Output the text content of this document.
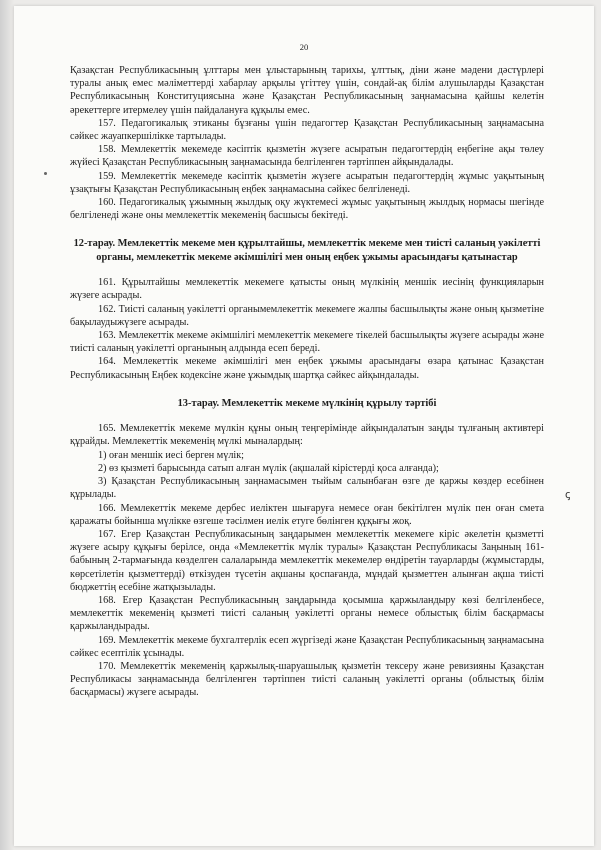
20

Қазақстан Республикасының ұлттары мен ұлыстарының тарихы, ұлттық, діни және мәдени дәстүрлері туралы анық емес мәліметтерді хабарлау арқылы үгіттеу үшін, сондай-ақ білім алушыларды Қазақстан Республикасының Конституциясына және Қазақстан Республикасының заңнамасына қайшы келетін әрекеттерге итермелеу үшін пайдалануға құқылы емес.

157. Педагогикалық этиканы бұзғаны үшін педагогтер Қазақстан Республикасының заңнамасына сәйкес жауапкершілікке тартылады.

158. Мемлекеттік мекемеде кәсіптік қызметін жүзеге асыратын педагогтердің еңбегіне ақы төлеу жүйесі Қазақстан Республикасының заңнамасында белгіленген тәртіппен айқындалады.

159. Мемлекеттік мекемеде кәсіптік қызметін жүзеге асыратын педагогтердің жұмыс уақытының ұзақтығы Қазақстан Республикасының еңбек заңнамасына сәйкес белгіленеді.

160. Педагогикалық ұжымның жылдық оқу жүктемесі жұмыс уақытының жылдық нормасы шегінде белгіленеді және оны мемлекеттік мекеменің басшысы бекітеді.

12-тарау. Мемлекеттік мекеме мен құрылтайшы, мемлекеттік мекеме мен тиісті саланың уәкілетті органы, мемлекеттік мекеме әкімшілігі мен оның еңбек ұжымы арасындағы қатынастар

161. Құрылтайшы мемлекеттік мекемеге қатысты оның мүлкінің меншік иесінің функцияларын жүзеге асырады.

162. Тиісті саланың уәкілетті органымемлекеттік мекемеге жалпы басшылықты және оның қызметіне бақылаудыжүзеге асырады.

163. Мемлекеттік мекеме әкімшілігі мемлекеттік мекемеге тікелей басшылықты жүзеге асырады және тиісті саланың уәкілетті органының алдында есеп береді.

164. Мемлекеттік мекеме әкімшілігі мен еңбек ұжымы арасындағы өзара қатынас Қазақстан Республикасының Еңбек кодексіне және ұжымдық шартқа сәйкес айқындалады.

13-тарау. Мемлекеттік мекеме мүлкінің құрылу тәртібі

165. Мемлекеттік мекеме мүлкін құны оның теңгерімінде айқындалатын заңды тұлғаның активтері құрайды. Мемлекеттік мекеменің мүлкі мыналардың:

1) оған меншік иесі берген мүлік;

2) өз қызметі барысында сатып алған мүлік (ақшалай кірістерді қоса алғанда);

3) Қазақстан Республикасының заңнамасымен тыйым салынбаған өзге де қаржы көздер есебінен құрылады.

166. Мемлекеттік мекеме дербес иеліктен шығаруға немесе оған бекітілген мүлік пен оған смета қаражаты бойынша мүлікке өзгеше тәсілмен иелік етуге бөлінген құқығы жоқ.

167. Егер Қазақстан Республикасының заңдарымен мемлекеттік мекемеге кіріс әкелетін қызметті жүзеге асыру құқығы берілсе, онда «Мемлекеттік мүлік туралы» Қазақстан Республикасы Заңының 161-бабының 2-тармағында көзделген салаларында мемлекеттік мекемелер өндіретін тауарларды (жұмыстарды, көрсетілетін қызметтерді) өткізуден түсетін ақшаны қоспағанда, мұндай қызметтен алынған ақша тиісті бюджеттің есебіне жатқызылады.

168. Егер Қазақстан Республикасының заңдарында қосымша қаржыландыру көзі белгіленбесе, мемлекеттік мекеменің қызметі тиісті саланың уәкілетті органы немесе облыстық білім басқармасы қаржыландырады.

169. Мемлекеттік мекеме бухгалтерлік есеп жүргізеді және Қазақстан Республикасының заңнамасына сәйкес есептілік ұсынады.

170. Мемлекеттік мекеменің қаржылық-шаруашылық қызметін тексеру және ревизияны Қазақстан Республикасы заңнамасында белгіленген тәртіппен тиісті саланың уәкілетті органы (облыстық білім басқармасы) жүзеге асырады.

ꞔ
